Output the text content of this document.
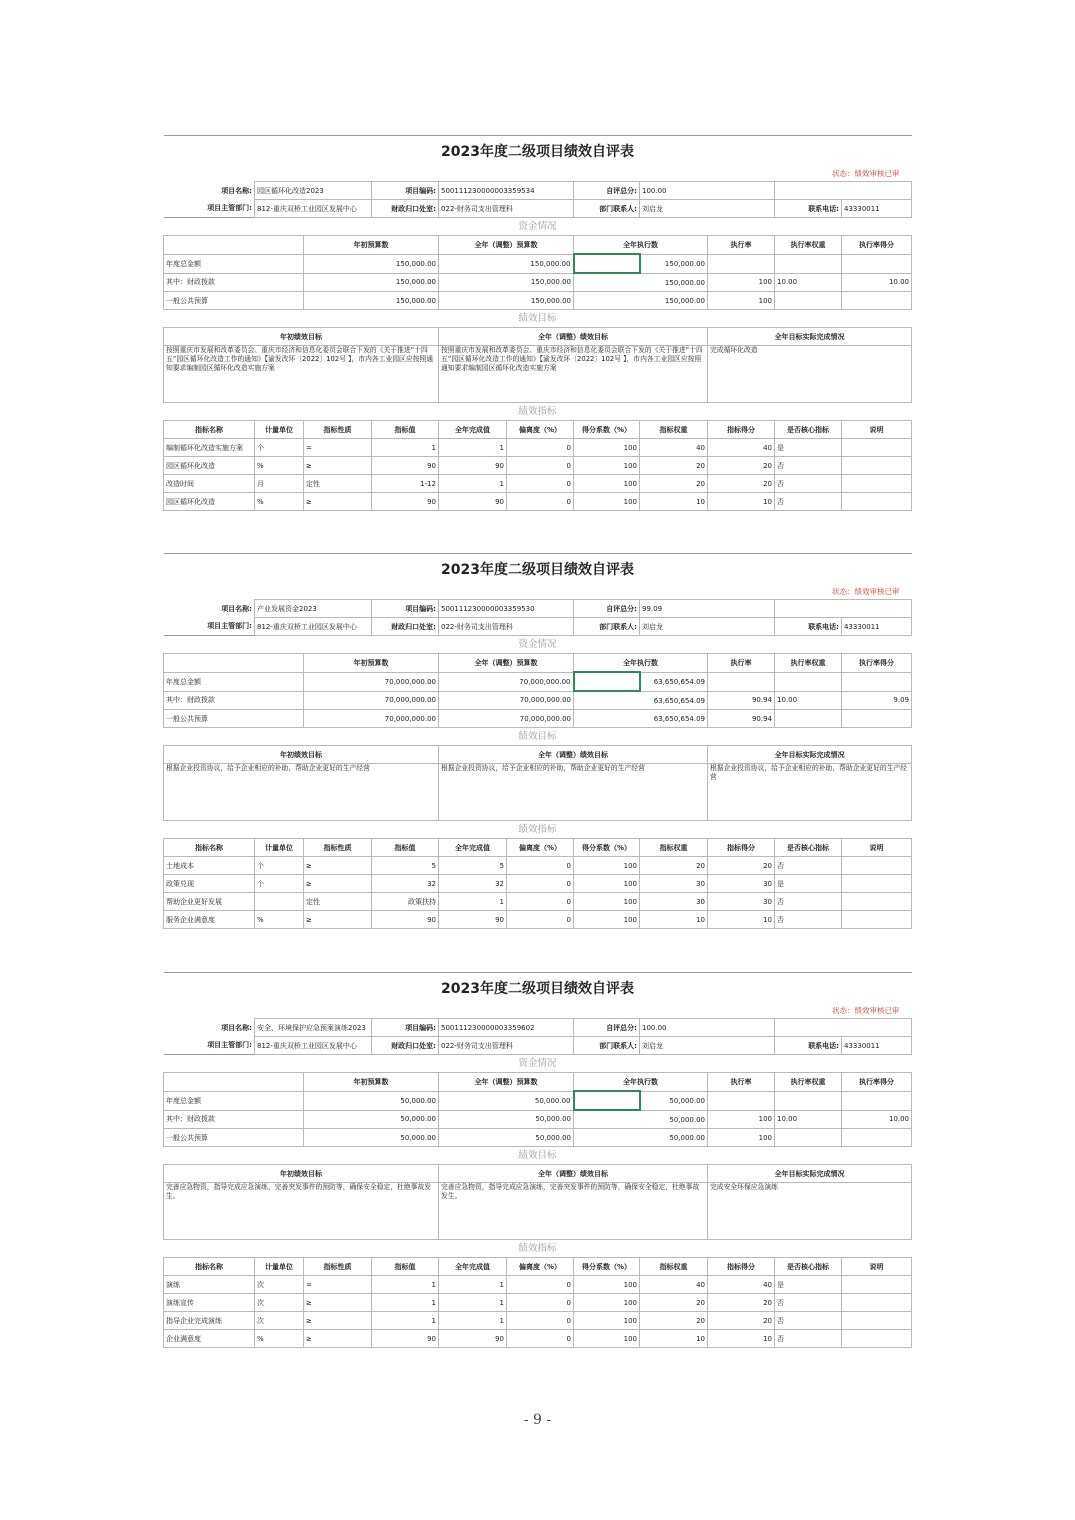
2023年度二级项目绩效自评表										
状态：绩效审核已审										
项目名称:	园区循环化改造2023		项目编码:	500111230000003359534		自评总分:	100.00			
项目主管部门:	812-重庆双桥工业园区发展中心		财政归口处室:	022-财务司支出管理科		部门联系人:	刘启龙		联系电话:	43330011
资金情况										
		年初预算数		全年（调整）预算数		全年执行数		执行率	执行率权重	执行率得分
年度总金额		150,000.00		150,000.00			150,000.00			
其中：财政拨款		150,000.00		150,000.00		150,000.00		100	10.00	10.00
一般公共预算		150,000.00		150,000.00		150,000.00		100		
绩效目标										
年初绩效目标				全年（调整）绩效目标				全年目标实际完成情况		
按照重庆市发展和改革委员会、重庆市经济和信息化委员会联合下发的《关于推进“十四五”园区循环化改造工作的通知》【渝发改环〔2022〕102号 】，市内各工业园区应按照通知要求编制园区循环化改造实施方案				按照重庆市发展和改革委员会、重庆市经济和信息化委员会联合下发的《关于推进“十四五”园区循环化改造工作的通知》【渝发改环〔2022〕102号 】，市内各工业园区应按照通知要求编制园区循环化改造实施方案				完成循环化改造		
绩效指标										
指标名称	计量单位	指标性质	指标值	全年完成值	偏离度（%）	得分系数（%）	指标权重	指标得分	是否核心指标	说明
编制循环化改造实施方案	个	=	1	1	0	100	40	40	是	
园区循环化改造	%	≥	90	90	0	100	20	20	否	
改造时间	月	定性	1-12	1	0	100	20	20	否	
园区循环化改造	%	≥	90	90	0	100	10	10	否	
2023年度二级项目绩效自评表										
状态：绩效审核已审										
项目名称:	产业发展资金2023		项目编码:	500111230000003359530		自评总分:	99.09			
项目主管部门:	812-重庆双桥工业园区发展中心		财政归口处室:	022-财务司支出管理科		部门联系人:	刘启龙		联系电话:	43330011
资金情况										
		年初预算数		全年（调整）预算数		全年执行数		执行率	执行率权重	执行率得分
年度总金额		70,000,000.00		70,000,000.00			63,650,654.09			
其中：财政拨款		70,000,000.00		70,000,000.00		63,650,654.09		90.94	10.00	9.09
一般公共预算		70,000,000.00		70,000,000.00		63,650,654.09		90.94		
绩效目标										
年初绩效目标				全年（调整）绩效目标				全年目标实际完成情况		
根据企业投资协议，给予企业相应的补助，帮助企业更好的生产经营				根据企业投资协议，给予企业相应的补助，帮助企业更好的生产经营				根据企业投资协议，给予企业相应的补助，帮助企业更好的生产经营		
绩效指标										
指标名称	计量单位	指标性质	指标值	全年完成值	偏离度（%）	得分系数（%）	指标权重	指标得分	是否核心指标	说明
土地成本	个	≥	5	5	0	100	20	20	否	
政策兑现	个	≥	32	32	0	100	30	30	是	
帮助企业更好发展		定性	政策扶持	1	0	100	30	30	否	
服务企业满意度	%	≥	90	90	0	100	10	10	否	
2023年度二级项目绩效自评表										
状态：绩效审核已审										
项目名称:	安全、环境保护应急预案演练2023		项目编码:	500111230000003359602		自评总分:	100.00			
项目主管部门:	812-重庆双桥工业园区发展中心		财政归口处室:	022-财务司支出管理科		部门联系人:	刘启龙		联系电话:	43330011
资金情况										
		年初预算数		全年（调整）预算数		全年执行数		执行率	执行率权重	执行率得分
年度总金额		50,000.00		50,000.00			50,000.00			
其中：财政拨款		50,000.00		50,000.00		50,000.00		100	10.00	10.00
一般公共预算		50,000.00		50,000.00		50,000.00		100		
绩效目标										
年初绩效目标				全年（调整）绩效目标				全年目标实际完成情况		
完善应急物资，指导完成应急演练，完善突发事件的预防等，确保安全稳定，杜绝事故发生。				完善应急物资，指导完成应急演练，完善突发事件的预防等，确保安全稳定，杜绝事故发生。				完成安全环保应急演练		
绩效指标										
指标名称	计量单位	指标性质	指标值	全年完成值	偏离度（%）	得分系数（%）	指标权重	指标得分	是否核心指标	说明
演练	次	=	1	1	0	100	40	40	是	
演练宣传	次	≥	1	1	0	100	20	20	否	
指导企业完成演练	次	≥	1	1	0	100	20	20	否	
企业满意度	%	≥	90	90	0	100	10	10	否	
- 9 -
